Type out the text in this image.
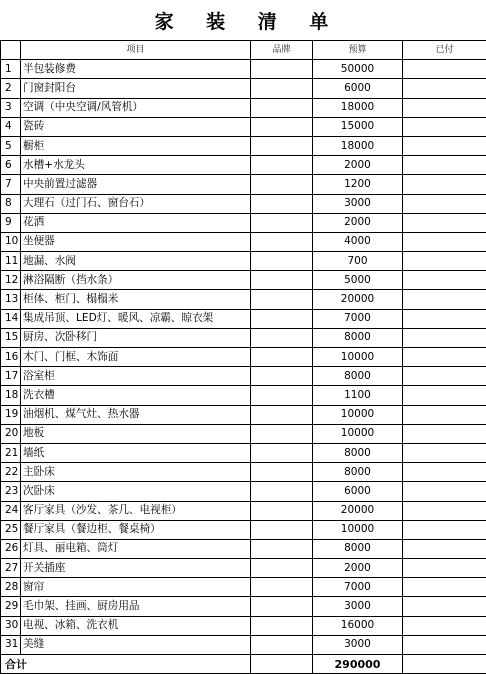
家 装 清 单
	项目	品牌	预算	已付
1	半包装修费		50000	
2	门窗封阳台		6000	
3	空调（中央空调/风管机）		18000	
4	瓷砖		15000	
5	橱柜		18000	
6	水槽+水龙头		2000	
7	中央前置过滤器		1200	
8	大理石（过门石、窗台石）		3000	
9	花洒		2000	
10	坐便器		4000	
11	地漏、水阀		700	
12	淋浴隔断（挡水条）		5000	
13	柜体、柜门、榻榻米		20000	
14	集成吊顶、LED灯、暖风、凉霸、晾衣架		7000	
15	厨房、次卧移门		8000	
16	木门、门框、木饰面		10000	
17	浴室柜		8000	
18	洗衣槽		1100	
19	油烟机、煤气灶、热水器		10000	
20	地板		10000	
21	墙纸		8000	
22	主卧床		8000	
23	次卧床		6000	
24	客厅家具（沙发、茶几、电视柜）		20000	
25	餐厅家具（餐边柜、餐桌椅）		10000	
26	灯具、丽电箱、筒灯		8000	
27	开关插座		2000	
28	窗帘		7000	
29	毛巾架、挂画、厨房用品		3000	
30	电视、冰箱、洗衣机		16000	
31	美缝		3000	
合计			290000	
